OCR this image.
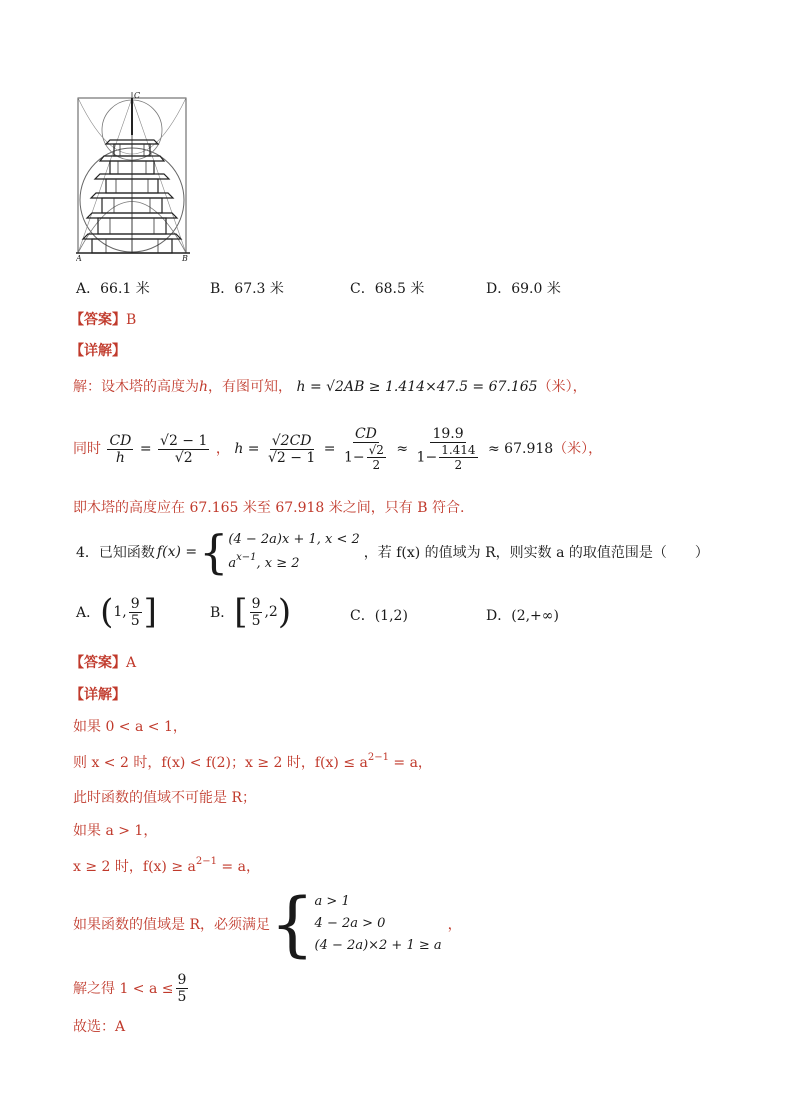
C
A	B
A．66.1 米	B．67.3 米	C．68.5 米	D．69.0 米
【答案】B
【详解】
解：设木塔的高度为h，有图可知， h = √2AB ≥ 1.414×47.5 = 67.165（米），
同时 $\frac{CD}{h} = \frac{√2 - 1}{√2}$ ， $h = \frac{√2CD}{√2 - 1} = \frac{CD}{1- \frac{√2}{2}} \approx \frac{19.9}{1- \frac{1.414}{2}} \approx 67.918$（米），
即木塔的高度应在 67.165 米至 67.918 米之间，只有 B 符合.
4．已知函数 f(x) = { (4 − 2a)x + 1, x < 2
$a^{x-1}$, x ≥ 2
，若 f(x) 的值域为 R，则实数 a 的取值范围是（　　）
A． ( 1, $\frac{9}{5}$ ]	B． [ $\frac{9}{5} ,2$ )	C．(1,2)	D．(2,+∞)
【答案】A
【详解】
如果 0 < a < 1，
则 x < 2 时，f(x) < f(2)；x ≥ 2 时，$f(x) \le a^{2-1} = a$，
此时函数的值域不可能是 R；
如果 a > 1，
x ≥ 2 时，$f(x) \ge a^{2-1} = a$，
如果函数的值域是 R，必须满足 { a > 1
4 − 2a > 0
(4 − 2a)×2 + 1 ≥ a
，
解之得 $1 < a \le \frac{9}{5}$
故选：A
